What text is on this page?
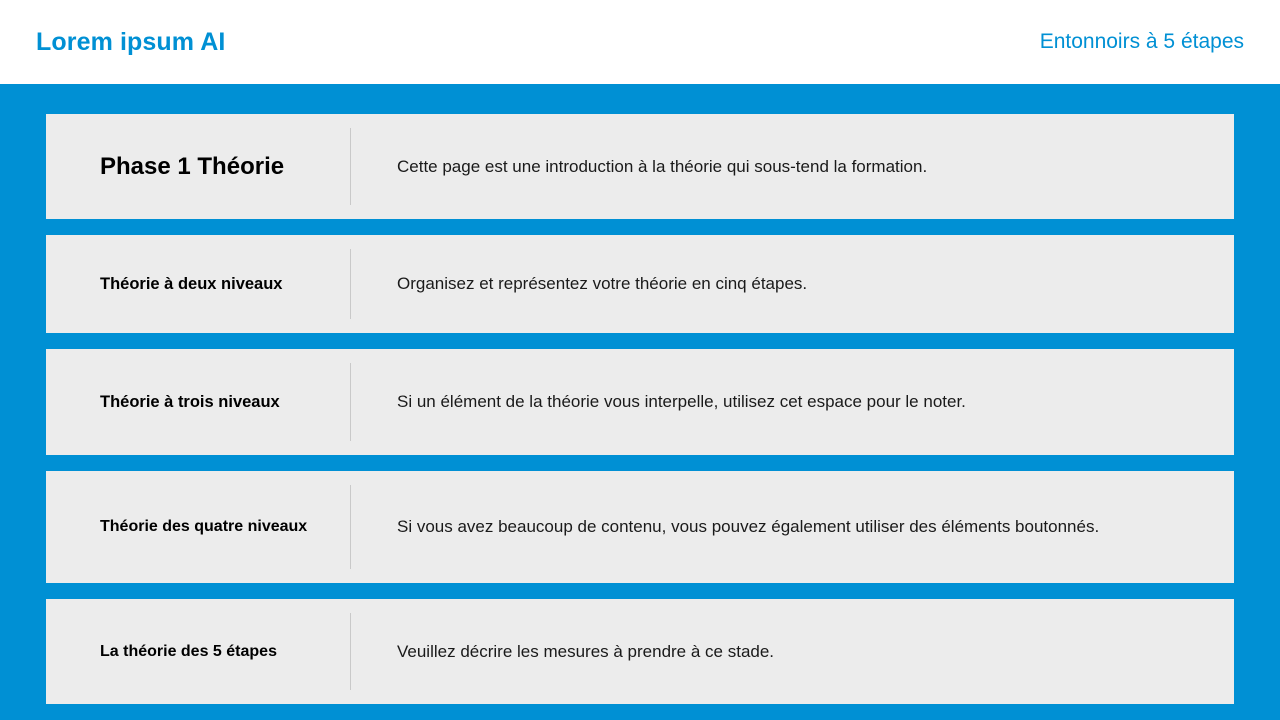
Lorem ipsum AI	Entonnoirs à 5 étapes
Phase 1 Théorie	Cette page est une introduction à la théorie qui sous-tend la formation.
Théorie à deux niveaux	Organisez et représentez votre théorie en cinq étapes.
Théorie à trois niveaux	Si un élément de la théorie vous interpelle, utilisez cet espace pour le noter.
Théorie des quatre niveaux	Si vous avez beaucoup de contenu, vous pouvez également utiliser des éléments boutonnés.
La théorie des 5 étapes	Veuillez décrire les mesures à prendre à ce stade.
